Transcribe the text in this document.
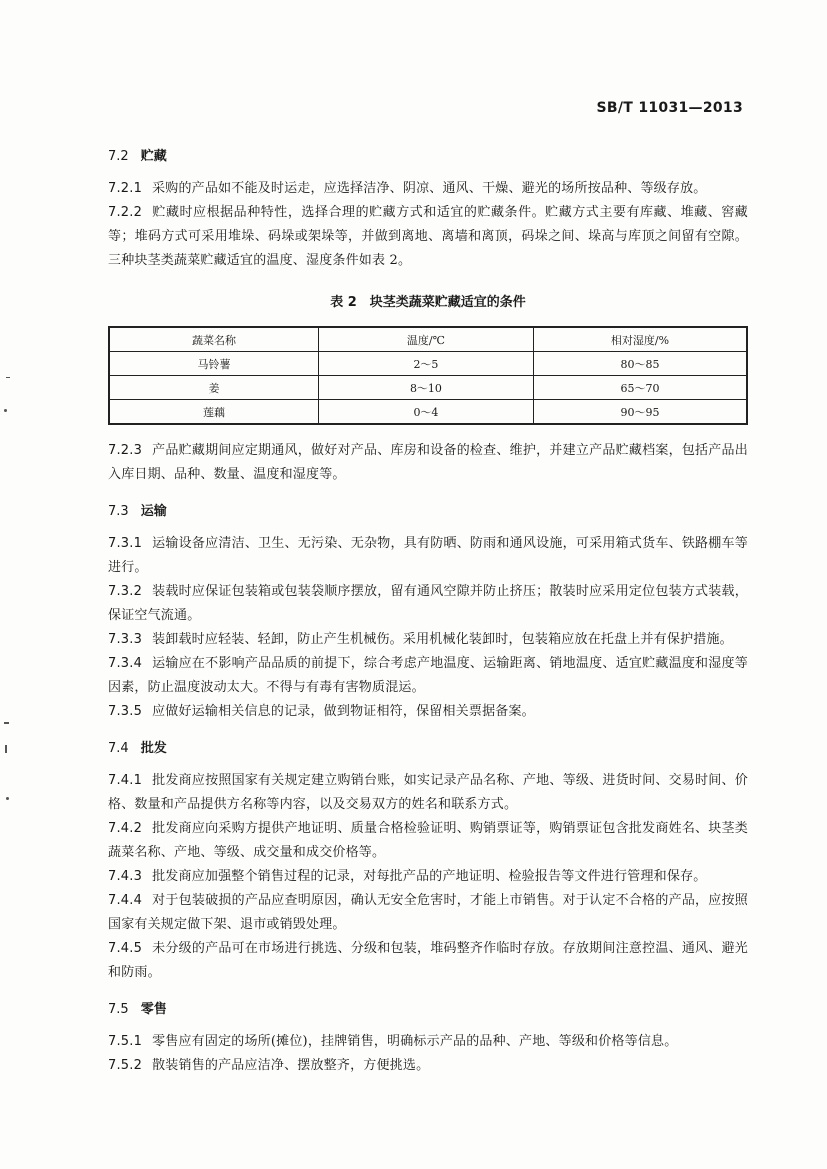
SB/T 11031—2013
7.2 贮藏

7.2.1 采购的产品如不能及时运走，应选择洁净、阴凉、通风、干燥、避光的场所按品种、等级存放。

7.2.2 贮藏时应根据品种特性，选择合理的贮藏方式和适宜的贮藏条件。贮藏方式主要有库藏、堆藏、窖藏等；堆码方式可采用堆垛、码垛或架垛等，并做到离地、离墙和离顶，码垛之间、垛高与库顶之间留有空隙。三种块茎类蔬菜贮藏适宜的温度、湿度条件如表 2。

表 2　块茎类蔬菜贮藏适宜的条件
蔬菜名称	温度/℃	相对湿度/%
马铃薯	2～5	80～85
姜	8～10	65～70
莲藕	0～4	90～95

7.2.3 产品贮藏期间应定期通风，做好对产品、库房和设备的检查、维护，并建立产品贮藏档案，包括产品出入库日期、品种、数量、温度和湿度等。

7.3 运输

7.3.1 运输设备应清洁、卫生、无污染、无杂物，具有防晒、防雨和通风设施，可采用箱式货车、铁路棚车等进行。

7.3.2 装载时应保证包装箱或包装袋顺序摆放，留有通风空隙并防止挤压；散装时应采用定位包装方式装载，保证空气流通。

7.3.3 装卸载时应轻装、轻卸，防止产生机械伤。采用机械化装卸时，包装箱应放在托盘上并有保护措施。

7.3.4 运输应在不影响产品品质的前提下，综合考虑产地温度、运输距离、销地温度、适宜贮藏温度和湿度等因素，防止温度波动太大。不得与有毒有害物质混运。

7.3.5 应做好运输相关信息的记录，做到物证相符，保留相关票据备案。

7.4 批发

7.4.1 批发商应按照国家有关规定建立购销台账，如实记录产品名称、产地、等级、进货时间、交易时间、价格、数量和产品提供方名称等内容，以及交易双方的姓名和联系方式。

7.4.2 批发商应向采购方提供产地证明、质量合格检验证明、购销票证等，购销票证包含批发商姓名、块茎类蔬菜名称、产地、等级、成交量和成交价格等。

7.4.3 批发商应加强整个销售过程的记录，对每批产品的产地证明、检验报告等文件进行管理和保存。

7.4.4 对于包装破损的产品应查明原因，确认无安全危害时，才能上市销售。对于认定不合格的产品，应按照国家有关规定做下架、退市或销毁处理。

7.4.5 未分级的产品可在市场进行挑选、分级和包装，堆码整齐作临时存放。存放期间注意控温、通风、避光和防雨。

7.5 零售

7.5.1 零售应有固定的场所(摊位)，挂牌销售，明确标示产品的品种、产地、等级和价格等信息。

7.5.2 散装销售的产品应洁净、摆放整齐，方便挑选。
